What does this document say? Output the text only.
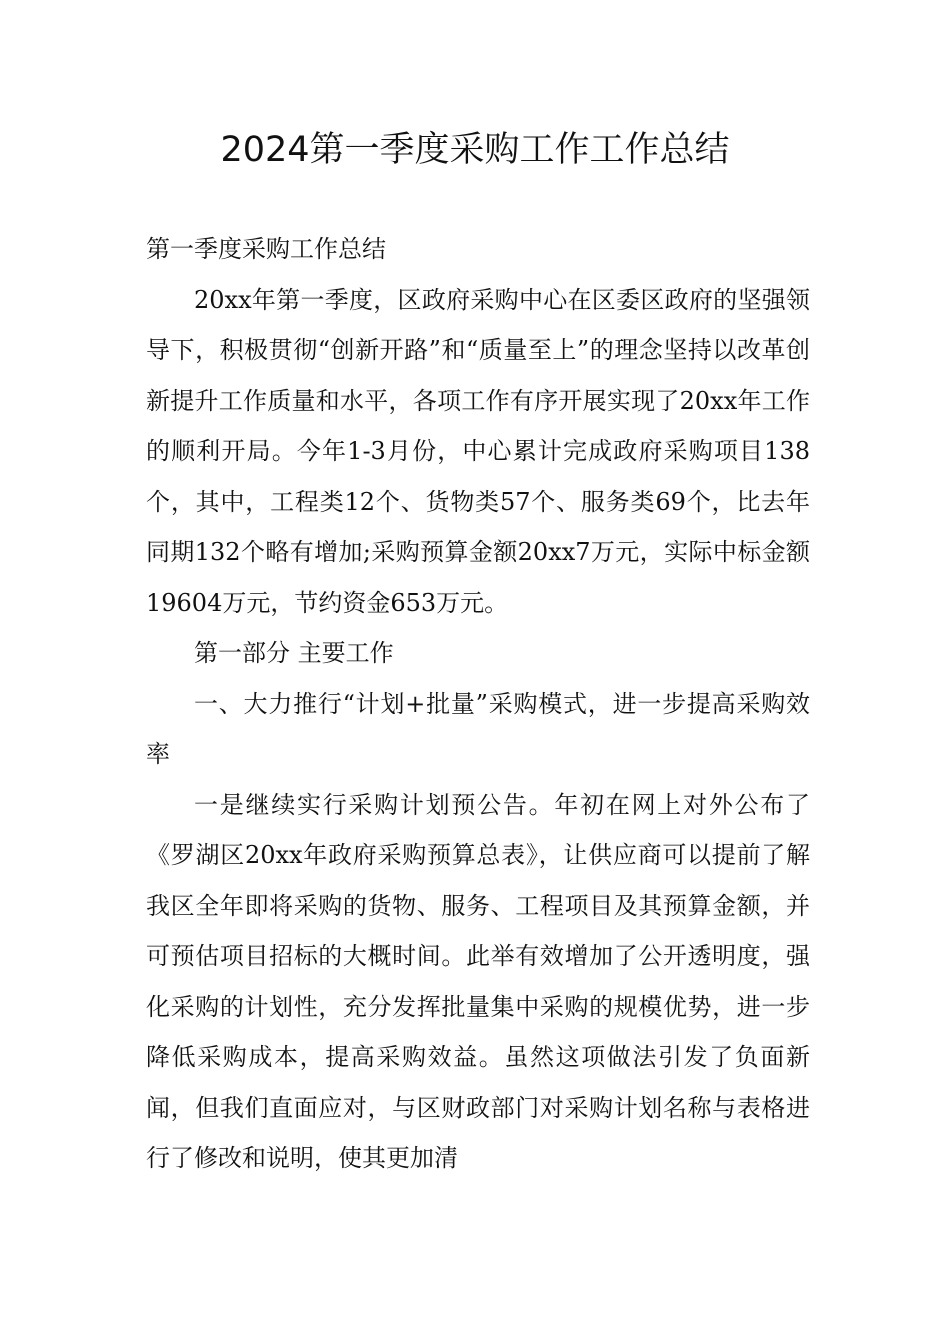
2024第一季度采购工作工作总结

第一季度采购工作总结

20xx年第一季度，区政府采购中心在区委区政府的坚强领导下，积极贯彻“创新开路”和“质量至上”的理念坚持以改革创新提升工作质量和水平，各项工作有序开展实现了20xx年工作的顺利开局。今年1-3月份，中心累计完成政府采购项目138个，其中，工程类12个、货物类57个、服务类69个，比去年同期132个略有增加;采购预算金额20xx7万元，实际中标金额19604万元，节约资金653万元。

第一部分 主要工作

一、大力推行“计划+批量”采购模式，进一步提高采购效率

一是继续实行采购计划预公告。年初在网上对外公布了《罗湖区20xx年政府采购预算总表》，让供应商可以提前了解我区全年即将采购的货物、服务、工程项目及其预算金额，并可预估项目招标的大概时间。此举有效增加了公开透明度，强化采购的计划性，充分发挥批量集中采购的规模优势，进一步降低采购成本，提高采购效益。虽然这项做法引发了负面新闻，但我们直面应对，与区财政部门对采购计划名称与表格进行了修改和说明，使其更加清
